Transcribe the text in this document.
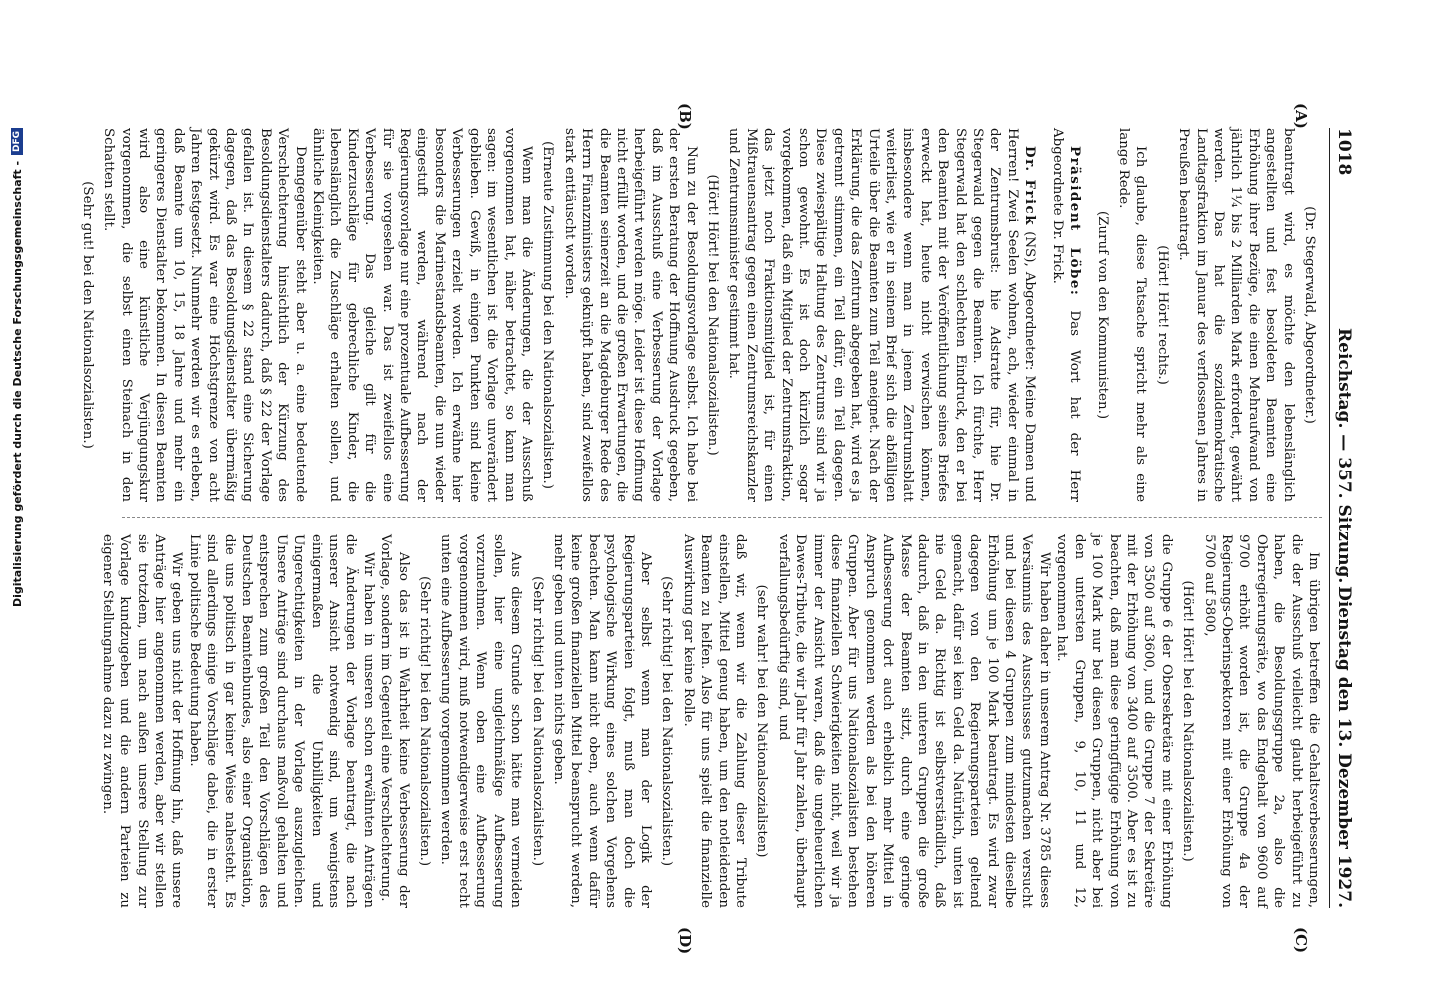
1018
Reichstag. — 357. Sitzung.
Dienstag den 13. Dezember 1927.
(A)
(B)
(C)
(D)

(Dr. Stegerwald, Abgeordneter.)

beantragt wird, es möchte den lebenslänglich angestellten und fest besoldeten Beamten eine Erhöhung ihrer Bezüge, die einen Mehraufwand von jährlich 1¼ bis 2 Milliarden Mark erfordert, gewährt werden. Das hat die sozialdemokratische Landtagsfraktion im Januar des verflossenen Jahres in Preußen beantragt.

(Hört! Hört! rechts.)

Ich glaube, diese Tatsache spricht mehr als eine lange Rede.

(Zuruf von den Kommunisten.)

Präsident Löbe: Das Wort hat der Herr Abgeordnete Dr. Frick.

Dr. Frick (NS), Abgeordneter: Meine Damen und Herren! Zwei Seelen wohnen, ach, wieder einmal in der Zentrumsbrust: hie Adstratte für, hie Dr. Stegerwald gegen die Beamten. Ich fürchte, Herr Stegerwald hat den schlechten Eindruck, den er bei den Beamten mit der Veröffentlichung seines Briefes erweckt hat, heute nicht verwischen können, insbesondere wenn man in jenem Zentrumsblatt weiterliest, wie er in seinem Brief sich die abfälligen Urteile über die Beamten zum Teil aneignet. Nach der Erklärung, die das Zentrum abgegeben hat, wird es ja getrennt stimmen, ein Teil dafür, ein Teil dagegen. Diese zwiespältige Haltung des Zentrums sind wir ja schon gewohnt. Es ist doch kürzlich sogar vorgekommen, daß ein Mitglied der Zentrumsfraktion, das jetzt noch Fraktionsmitglied ist, für einen Mißtrauensantrag gegen einen Zentrumsreichskanzler und Zentrumsminister gestimmt hat.

(Hört! Hört! bei den Nationalsozialisten.)

Nun zu der Besoldungsvorlage selbst. Ich habe bei der ersten Beratung der Hoffnung Ausdruck gegeben, daß im Ausschuß eine Verbesserung der Vorlage herbeigeführt werden möge. Leider ist diese Hoffnung nicht erfüllt worden, und die großen Erwartungen, die die Beamten seinerzeit an die Magdeburger Rede des Herrn Finanzministers geknüpft haben, sind zweifellos stark enttäuscht worden.

(Erneute Zustimmung bei den Nationalsozialisten.)

Wenn man die Änderungen, die der Ausschuß vorgenommen hat, näher betrachtet, so kann man sagen: im wesentlichen ist die Vorlage unverändert geblieben. Gewiß, in einigen Punkten sind kleine Verbesserungen erzielt worden. Ich erwähne hier besonders die Marinestandsbeamten, die nun wieder eingestuft werden, während nach der Regierungsvorlage nur eine prozentuale Aufbesserung für sie vorgesehen war. Das ist zweifellos eine Verbesserung. Das gleiche gilt für die Kinderzuschläge für gebrechliche Kinder, die lebenslänglich die Zuschläge erhalten sollen, und ähnliche Kleinigkeiten.

Demgegenüber steht aber u. a. eine bedeutende Verschlechterung hinsichtlich der Kürzung des Besoldungsdienstalters dadurch, daß § 22 der Vorlage gefallen ist. In diesem § 22 stand eine Sicherung dagegen, daß das Besoldungsdienstalter übermäßig gekürzt wird. Es war eine Höchstgrenze von acht Jahren festgesetzt. Nunmehr werden wir es erleben, daß Beamte um 10, 15, 18 Jahre und mehr ein geringeres Dienstalter bekommen. In diesen Beamten wird also eine künstliche Verjüngungskur vorgenommen, die selbst einen Steinach in den Schatten stellt.

(Sehr gut! bei den Nationalsozialisten.)

Im übrigen betreffen die Gehaltsverbesserungen, die der Ausschuß vielleicht glaubt herbeigeführt zu haben, die Besoldungsgruppe 2a, also die Oberregierungsräte, wo das Endgehalt von 9600 auf 9700 erhöht worden ist, die Gruppe 4a der Regierungs-Oberinspektoren mit einer Erhöhung von 5700 auf 5800,

(Hört! Hört! bei den Nationalsozialisten.)

die Gruppe 6 der Obersekretäre mit einer Erhöhung von 3500 auf 3600, und die Gruppe 7 der Sekretäre mit der Erhöhung von 3400 auf 3500. Aber es ist zu beachten, daß man diese geringfügige Erhöhung von je 100 Mark nur bei diesen Gruppen, nicht aber bei den untersten Gruppen, 9, 10, 11 und 12, vorgenommen hat.

Wir haben daher in unserem Antrag Nr. 3785 dieses Versäumnis des Ausschusses gutzumachen versucht und bei diesen 4 Gruppen zum mindesten dieselbe Erhöhung um je 100 Mark beantragt. Es wird zwar dagegen von den Regierungsparteien geltend gemacht, dafür sei kein Geld da. Natürlich, unten ist nie Geld da. Richtig ist selbstverständlich, daß dadurch, daß in den unteren Gruppen die große Masse der Beamten sitzt, durch eine geringe Aufbesserung dort auch erheblich mehr Mittel in Anspruch genommen werden als bei den höheren Gruppen. Aber für uns Nationalsozialisten bestehen diese finanziellen Schwierigkeiten nicht, weil wir ja immer der Ansicht waren, daß die ungeheuerlichen Dawes-Tribute, die wir Jahr für Jahr zahlen, überhaupt verfallungsbedürftig sind, und

(sehr wahr! bei den Nationalsozialisten)

daß wir, wenn wir die Zahlung dieser Tribute einstellen, Mittel genug haben, um den notleidenden Beamten zu helfen. Also für uns spielt die finanzielle Auswirkung gar keine Rolle.

(Sehr richtig! bei den Nationalsozialisten.)

Aber selbst wenn man der Logik der Regierungsparteien folgt, muß man doch die psychologische Wirkung eines solchen Vorgehens beachten. Man kann nicht oben, auch wenn dafür keine großen finanziellen Mittel beansprucht werden, mehr geben und unten nichts geben.

(Sehr richtig! bei den Nationalsozialisten.)

Aus diesem Grunde schon hätte man vermeiden sollen, hier eine ungleichmäßige Aufbesserung vorzunehmen. Wenn oben eine Aufbesserung vorgenommen wird, muß notwendigerweise erst recht unten eine Aufbesserung vorgenommen werden.

(Sehr richtig! bei den Nationalsozialisten.)

Also das ist in Wahrheit keine Verbesserung der Vorlage, sondern im Gegenteil eine Verschlechterung.

Wir haben in unseren schon erwähnten Anträgen die Änderungen der Vorlage beantragt, die nach unserer Ansicht notwendig sind, um wenigstens einigermaßen die Unbilligkeiten und Ungerechtigkeiten in der Vorlage auszugleichen. Unsere Anträge sind durchaus maßvoll gehalten und entsprechen zum großen Teil den Vorschlägen des Deutschen Beamtenbundes, also einer Organisation, die uns politisch in gar keiner Weise nahesteht. Es sind allerdings einige Vorschläge dabei, die in erster Linie politische Bedeutung haben.

Wir geben uns nicht der Hoffnung hin, daß unsere Anträge hier angenommen werden, aber wir stellen sie trotzdem, um nach außen unsere Stellung zur Vorlage kundzugeben und die andern Parteien zu eigener Stellungnahme dazu zu zwingen.

Digitalisierung gefördert durch die Deutsche Forschungsgemeinschaft -
DFG
